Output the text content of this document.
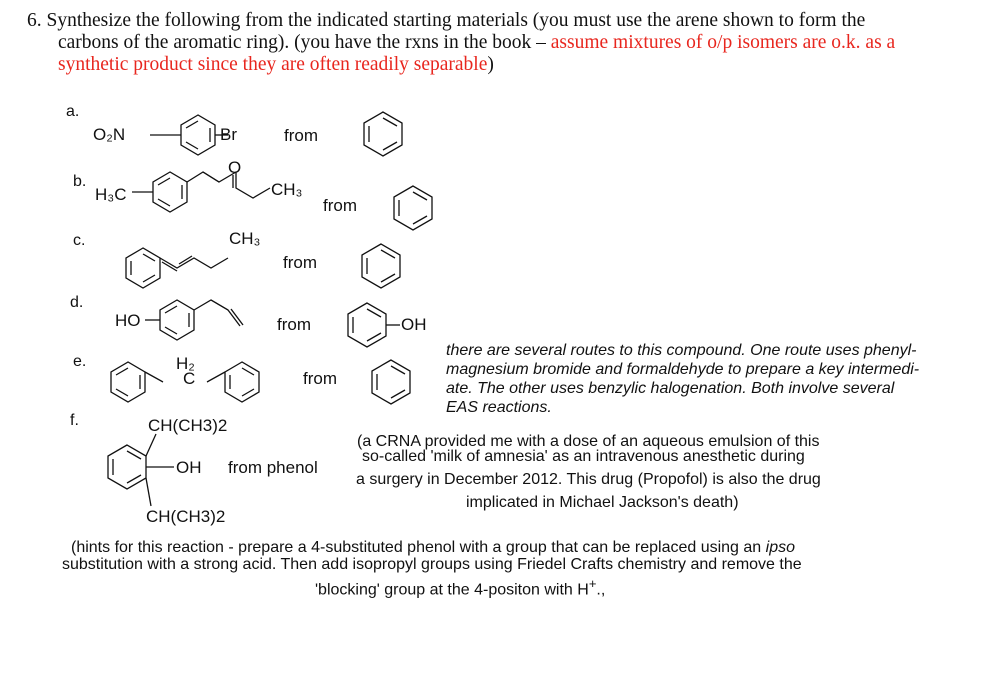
6. Synthesize the following from the indicated starting materials (you must use the arene shown to form the
carbons of the aromatic ring). (you have the rxns in the book – assume mixtures of o/p isomers are o.k. as a
synthetic product since they are often readily separable)
a.
b.
c.
d.
e.
f.
O₂N	Br	from
H₃C
O
CH₃
from
CH₃
from
HO	from	OH
H₂
C	from
there are several routes to this compound. One route uses phenyl-
magnesium bromide and formaldehyde to prepare a key intermedi-
ate. The other uses benzylic halogenation. Both involve several
EAS reactions.
CH(CH3)2
OH from phenol
CH(CH3)2
(a CRNA provided me with a dose of an aqueous emulsion of this
so-called 'milk of amnesia' as an intravenous anesthetic during
a surgery in December 2012. This drug (Propofol) is also the drug
implicated in Michael Jackson's death)
(hints for this reaction - prepare a 4-substituted phenol with a group that can be replaced using an ipso
substitution with a strong acid. Then add isopropyl groups using Friedel Crafts chemistry and remove the
'blocking' group at the 4-positon with H+.,
